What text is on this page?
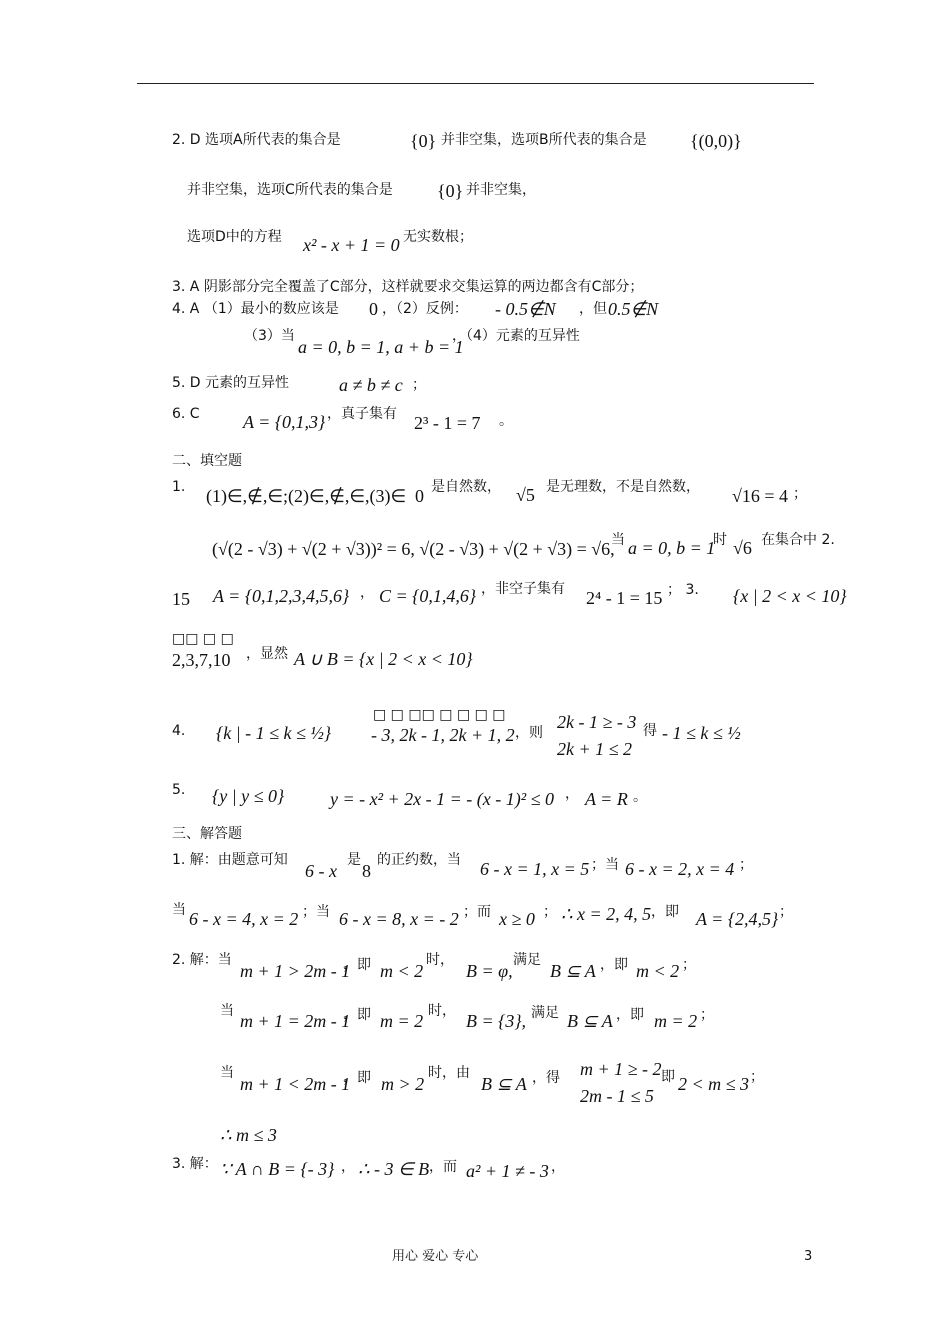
2. D 选项A所代表的集合是	{0} 并非空集，选项B所代表的集合是 {(0,0)}
并非空集，选项C所代表的集合是 {0} 并非空集，
选项D中的方程 x² - x + 1 = 0 无实数根；
3. A 阴影部分完全覆盖了C部分，这样就要求交集运算的两边都含有C部分；
4. A （1）最小的数应该是 0 ，（2）反例： - 0.5∉N ，但 0.5∉N
（3）当
a = 0, b = 1, a + b = 1
，（4）元素的互异性
5. D 元素的互异性	a ≠ b ≠ c ；
6. C A = {0,1,3} ，真子集有 2³ - 1 = 7 。
二、填空题
1. (1)∈,∉,∈;(2)∈,∉,∈,(3)∈ 0 是自然数， √5 是无理数，不是自然数， √16 = 4 ；
(√(2 - √3) + √(2 + √3))² = 6, √(2 - √3) + √(2 + √3) = √6,
当 a = 0, b = 1
时 √6 在集合中 2.
15 A = {0,1,2,3,4,5,6} ， C = {0,1,4,6} ，非空子集有 2⁴ - 1 = 15 ； 3. {x | 2 < x < 10}
□□ □ □
2,3,7,10 ，显然 A ∪ B = {x | 2 < x < 10}
4. {k | - 1 ≤ k ≤ ½}
□ □ □□ □ □ □ □
- 3, 2k - 1, 2k + 1, 2 ，则
2k - 1 ≥ - 3
2k + 1 ≤ 2
得 - 1 ≤ k ≤ ½
5. {y | y ≤ 0}	y = - x² + 2x - 1 = - (x - 1)² ≤ 0 ， A = R 。
三、解答题
1. 解：由题意可知
6 - x
是
8
的正约数，当 6 - x = 1, x = 5 ；当 6 - x = 2, x = 4 ；
当 6 - x = 4, x = 2 ；当 6 - x = 8, x = - 2 ；而 x ≥ 0 ； ∴ x = 2, 4, 5 ，即 A = {2,4,5} ；
2. 解：当
m + 1 > 2m - 1
，即 m < 2
时，
B = φ,
满足
B ⊆ A ，即 m < 2 ；
当 m + 1 = 2m - 1
，即 m = 2 时， B = {3}, 满足 B ⊆ A ，即 m = 2 ；
当
m + 1 < 2m - 1
，即 m > 2
时，由
B ⊆ A ，得 m + 1 ≥ - 2
2m - 1 ≤ 5
即 2 < m ≤ 3 ；
∴ m ≤ 3
3. 解： ∵ A ∩ B = {- 3} ， ∴ - 3 ∈ B ，而 a² + 1 ≠ - 3 ，
用心 爱心 专心	3
